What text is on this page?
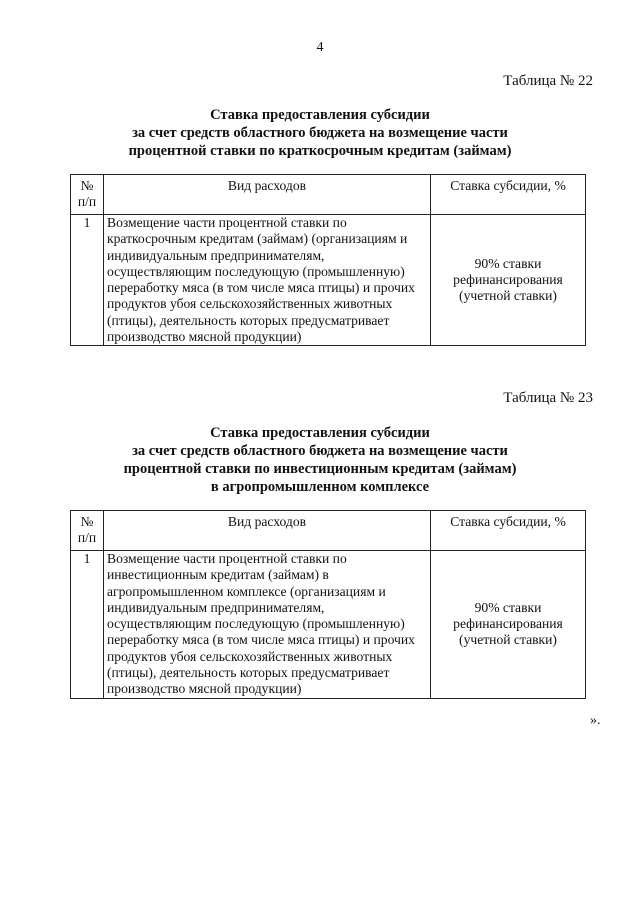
4
Таблица № 22
Ставка предоставления субсидии
за счет средств областного бюджета на возмещение части
процентной ставки по краткосрочным кредитам (займам)
№ п/п	Вид расходов	Ставка субсидии, %
1	Возмещение части процентной ставки по краткосрочным кредитам (займам) (организациям и индивидуальным предпринимателям, осуществляющим последующую (промышленную) переработку мяса (в том числе мяса птицы) и прочих продуктов убоя сельскохозяйственных животных (птицы), деятельность которых предусматривает производство мясной продукции)	90% ставки рефинансирования (учетной ставки)
Таблица № 23
Ставка предоставления субсидии
за счет средств областного бюджета на возмещение части
процентной ставки по инвестиционным кредитам (займам)
в агропромышленном комплексе
№ п/п	Вид расходов	Ставка субсидии, %
1	Возмещение части процентной ставки по инвестиционным кредитам (займам) в агропромышленном комплексе (организациям и индивидуальным предпринимателям, осуществляющим последующую (промышленную) переработку мяса (в том числе мяса птицы) и прочих продуктов убоя сельскохозяйственных животных (птицы), деятельность которых предусматривает производство мясной продукции)	90% ставки рефинансирования (учетной ставки)
».
